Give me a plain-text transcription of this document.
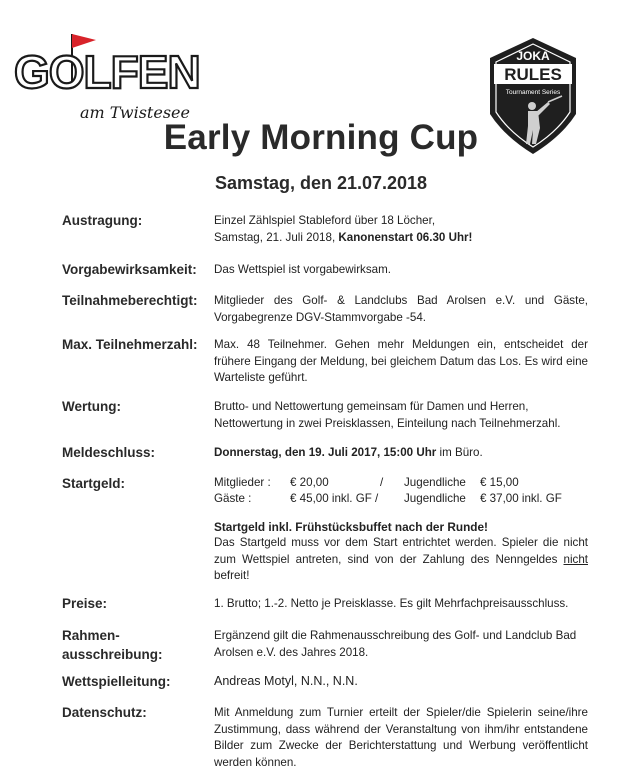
GOLFEN
am Twistesee
JOKA
RULES
Tournament Series
Early Morning Cup
Samstag, den 21.07.2018
Austragung:	Einzel Zählspiel Stableford über 18 Löcher,
Samstag, 21. Juli 2018, Kanonenstart 06.30 Uhr!
Vorgabewirksamkeit: Das Wettspiel ist vorgabewirksam.
Teilnahmeberechtigt: Mitglieder des Golf- & Landclubs Bad Arolsen e.V. und Gäste, Vorgabegrenze DGV-Stammvorgabe -54.
Max. Teilnehmerzahl: Max. 48 Teilnehmer. Gehen mehr Meldungen ein, entscheidet der frühere Eingang der Meldung, bei gleichem Datum das Los. Es wird eine Warteliste geführt.
Wertung:	Brutto- und Nettowertung gemeinsam für Damen und Herren, Nettowertung in zwei Preisklassen, Einteilung nach Teilnehmerzahl.
Meldeschluss:	Donnerstag, den 19. Juli 2017, 15:00 Uhr im Büro.
Startgeld:	Mitglieder : € 20,00	/ Jugendliche € 15,00
Gäste :	€ 45,00 inkl. GF / Jugendliche € 37,00 inkl. GF
Startgeld inkl. Frühstücksbuffet nach der Runde!
Das Startgeld muss vor dem Start entrichtet werden. Spieler die nicht zum Wettspiel antreten, sind von der Zahlung des Nenngeldes nicht befreit!
Preise:	1. Brutto; 1.-2. Netto je Preisklasse. Es gilt Mehrfachpreisausschluss.
Rahmen-
ausschreibung:
Ergänzend gilt die Rahmenausschreibung des Golf- und Landclub Bad Arolsen e.V. des Jahres 2018.
Wettspielleitung:	Andreas Motyl, N.N., N.N.
Datenschutz:	Mit Anmeldung zum Turnier erteilt der Spieler/die Spielerin seine/ihre Zustimmung, dass während der Veranstaltung von ihm/ihr entstandene Bilder zum Zwecke der Berichterstattung und Werbung veröffentlicht werden können.
